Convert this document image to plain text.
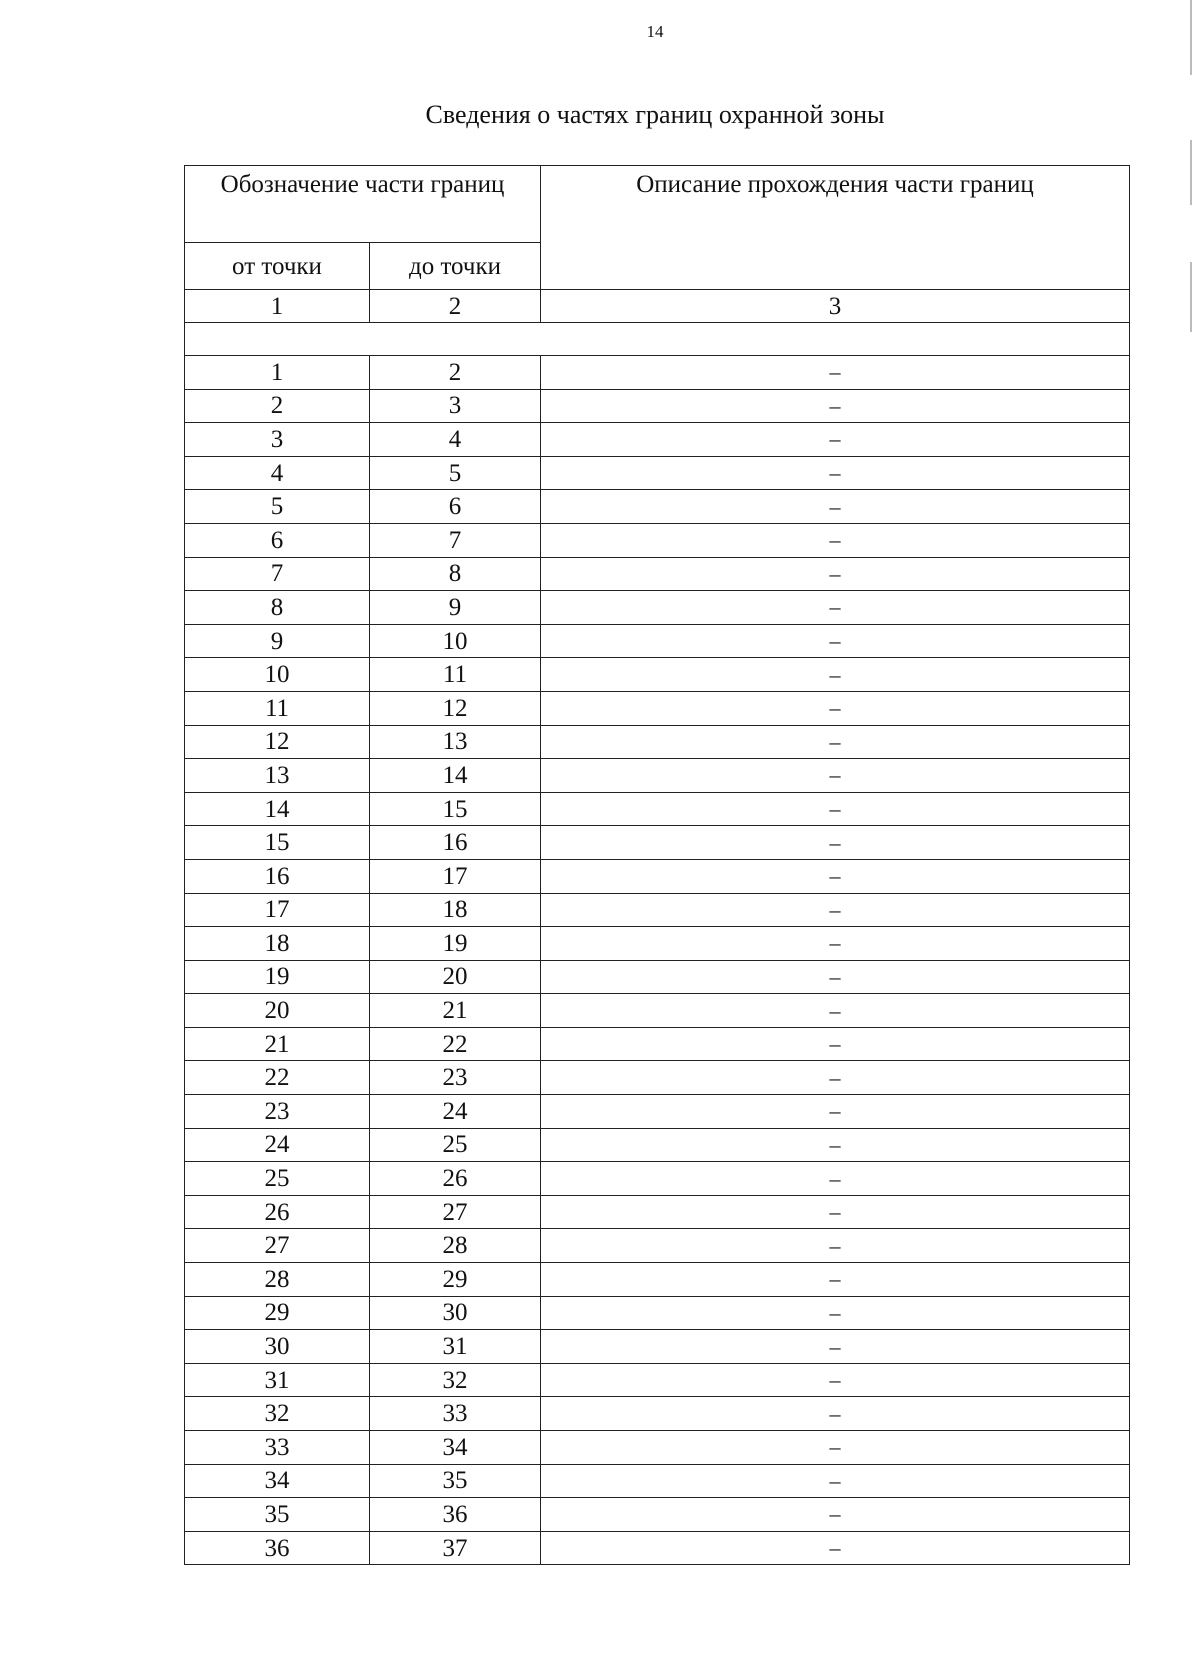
14
Сведения о частях границ охранной зоны
Обозначение части границ		Описание прохождения части границ
от точки	до точки	
1	2	3

1	2	–
2	3	–
3	4	–
4	5	–
5	6	–
6	7	–
7	8	–
8	9	–
9	10	–
10	11	–
11	12	–
12	13	–
13	14	–
14	15	–
15	16	–
16	17	–
17	18	–
18	19	–
19	20	–
20	21	–
21	22	–
22	23	–
23	24	–
24	25	–
25	26	–
26	27	–
27	28	–
28	29	–
29	30	–
30	31	–
31	32	–
32	33	–
33	34	–
34	35	–
35	36	–
36	37	–
